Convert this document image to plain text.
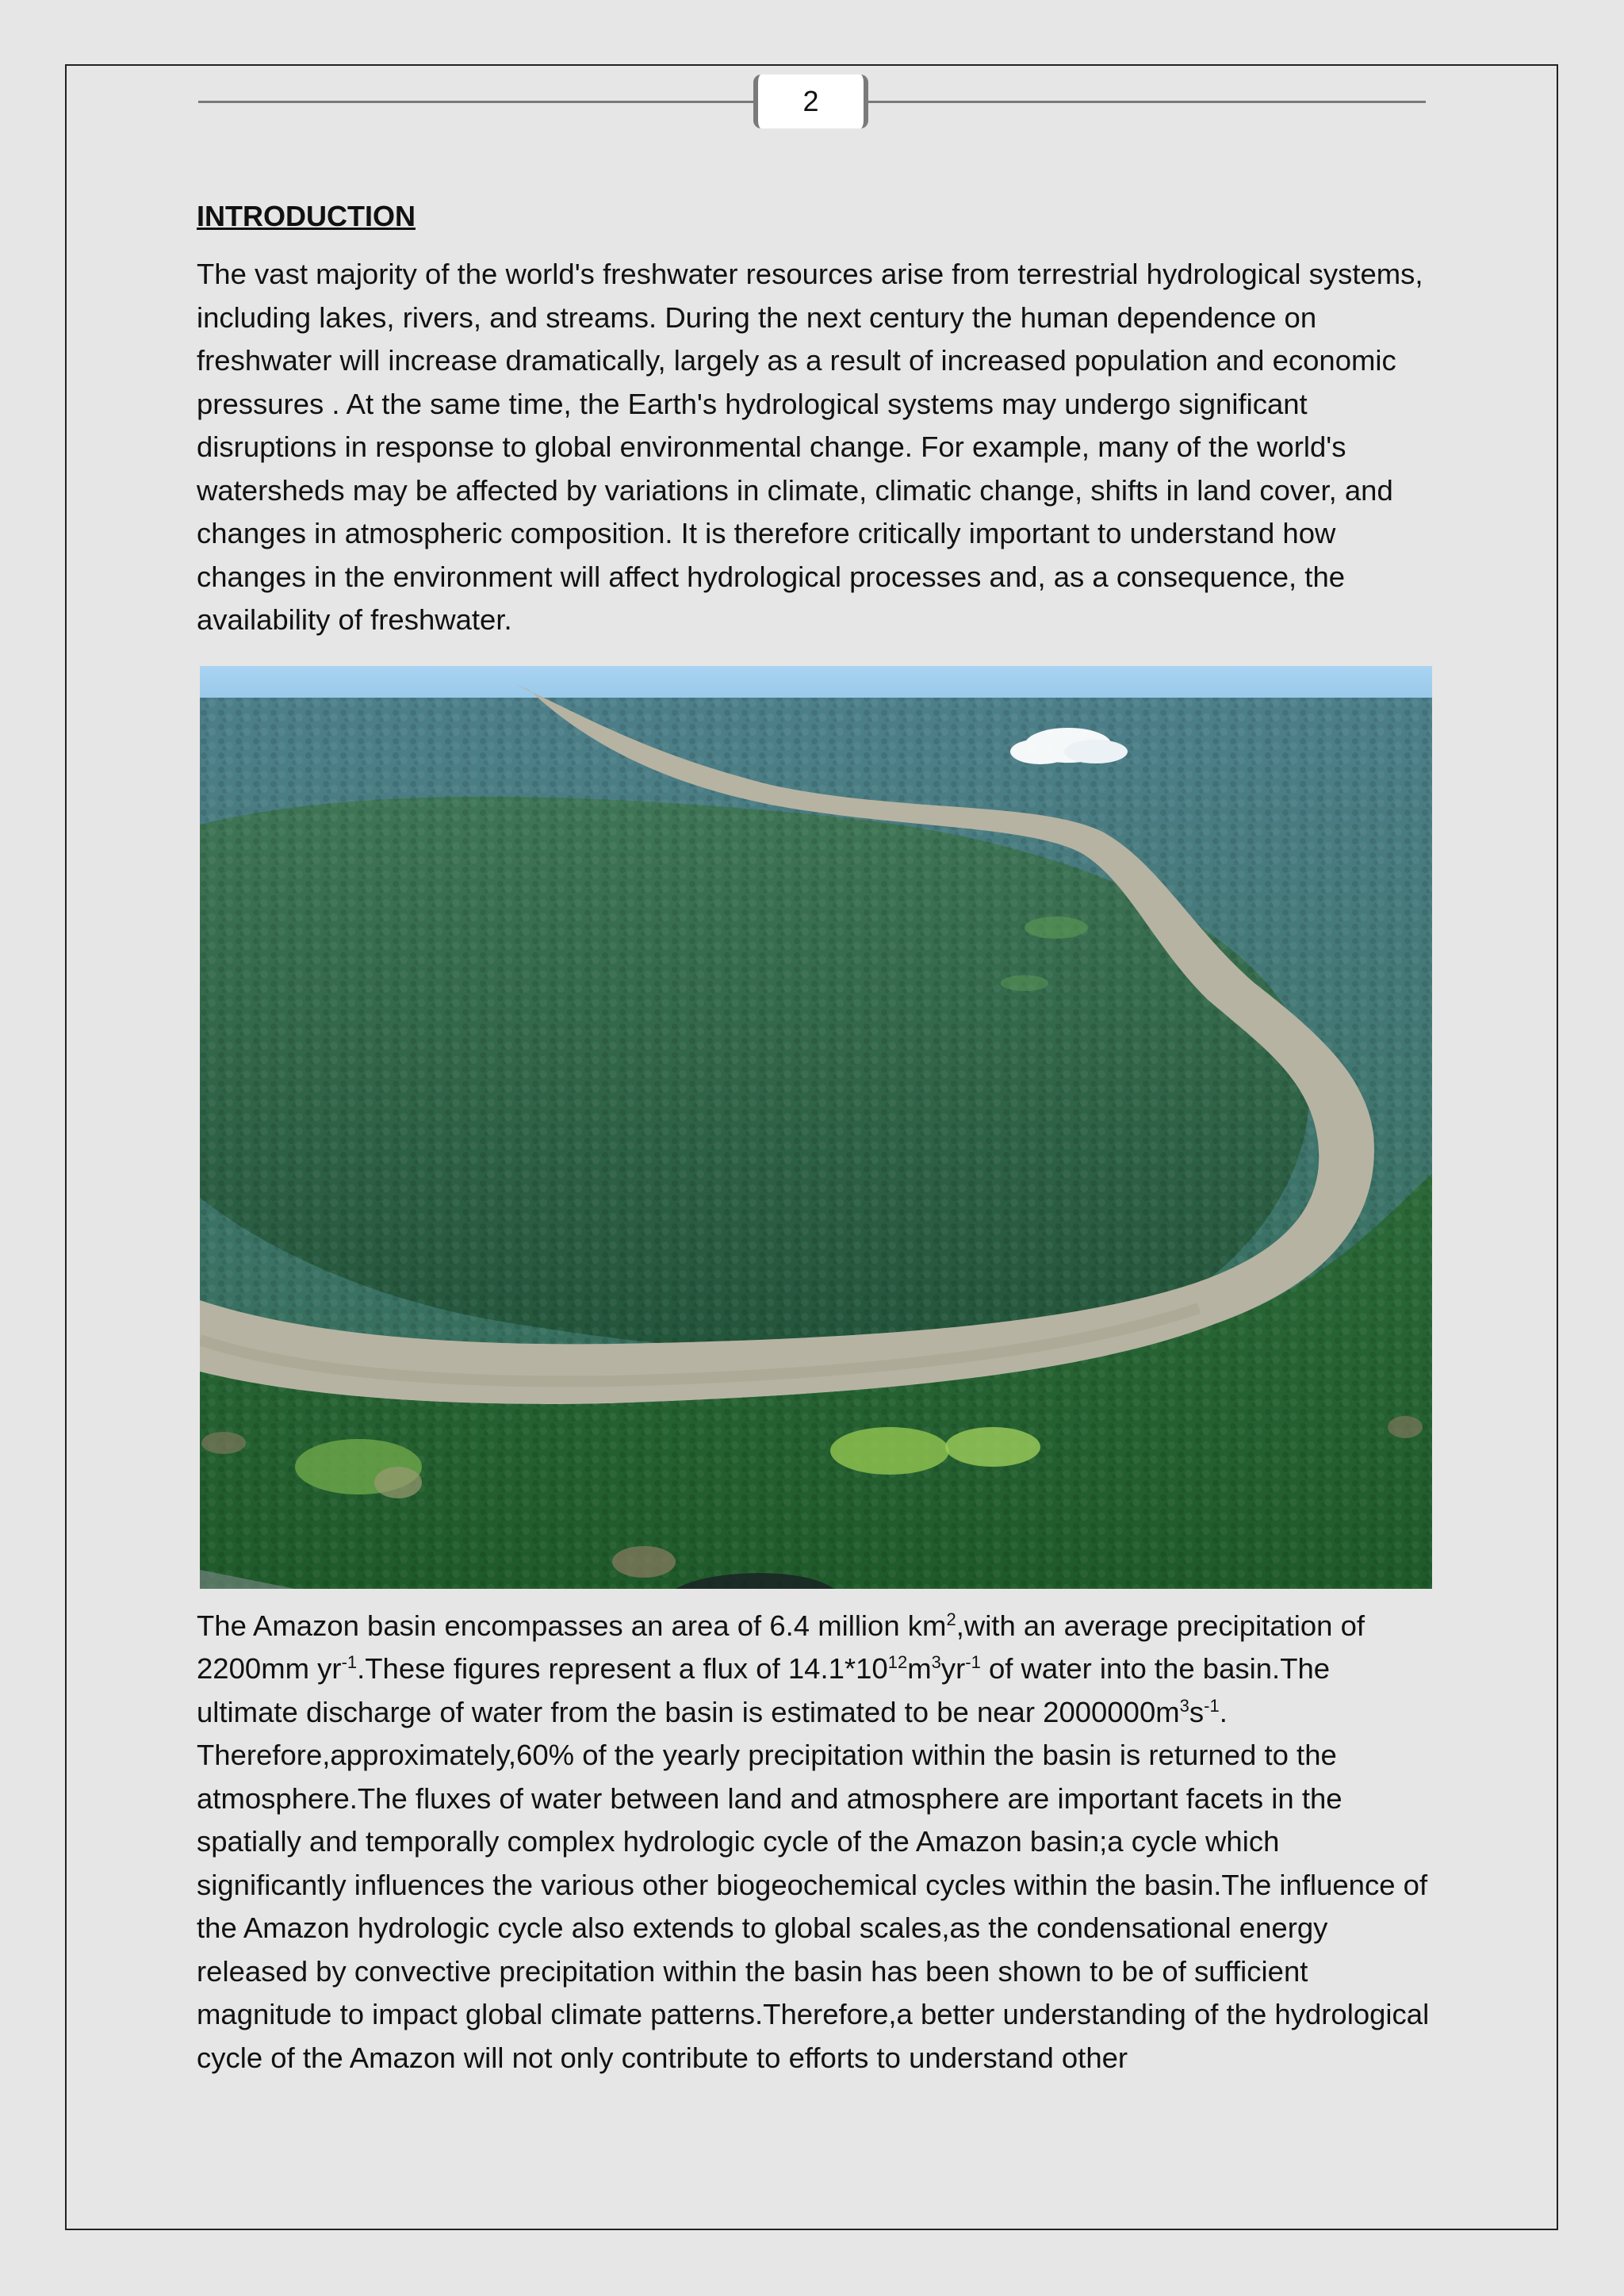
2
INTRODUCTION

The vast majority of the world's freshwater resources arise from terrestrial hydrological systems, including lakes, rivers, and streams. During the next century the human dependence on freshwater will increase dramatically, largely as a result of increased population and economic pressures . At the same time, the Earth's hydrological systems may undergo significant disruptions in response to global environmental change. For example, many of the world's watersheds may be affected by variations in climate, climatic change, shifts in land cover, and changes in atmospheric composition. It is therefore critically important to understand how changes in the environment will affect hydrological processes and, as a consequence, the availability of freshwater.

The Amazon basin encompasses an area of 6.4 million $km^2,with$ an average precipitation of 2200mm $yr^{-1}.These$ figures represent a flux of $14.1*10^{12}m^3yr^{-1}$ of water into the basin.The ultimate discharge of water from the basin is estimated to be near $2000000m^3s^{-1}$. Therefore,approximately,60% of the yearly precipitation within the basin is returned to the atmosphere.The fluxes of water between land and atmosphere are important facets in the spatially and temporally complex hydrologic cycle of the Amazon basin;a cycle which significantly influences the various other biogeochemical cycles within the basin.The influence of the Amazon hydrologic cycle also extends to global scales,as the condensational energy released by convective precipitation within the basin has been shown to be of sufficient magnitude to impact global climate patterns.Therefore,a better understanding of the hydrological cycle of the Amazon will not only contribute to efforts to understand other
